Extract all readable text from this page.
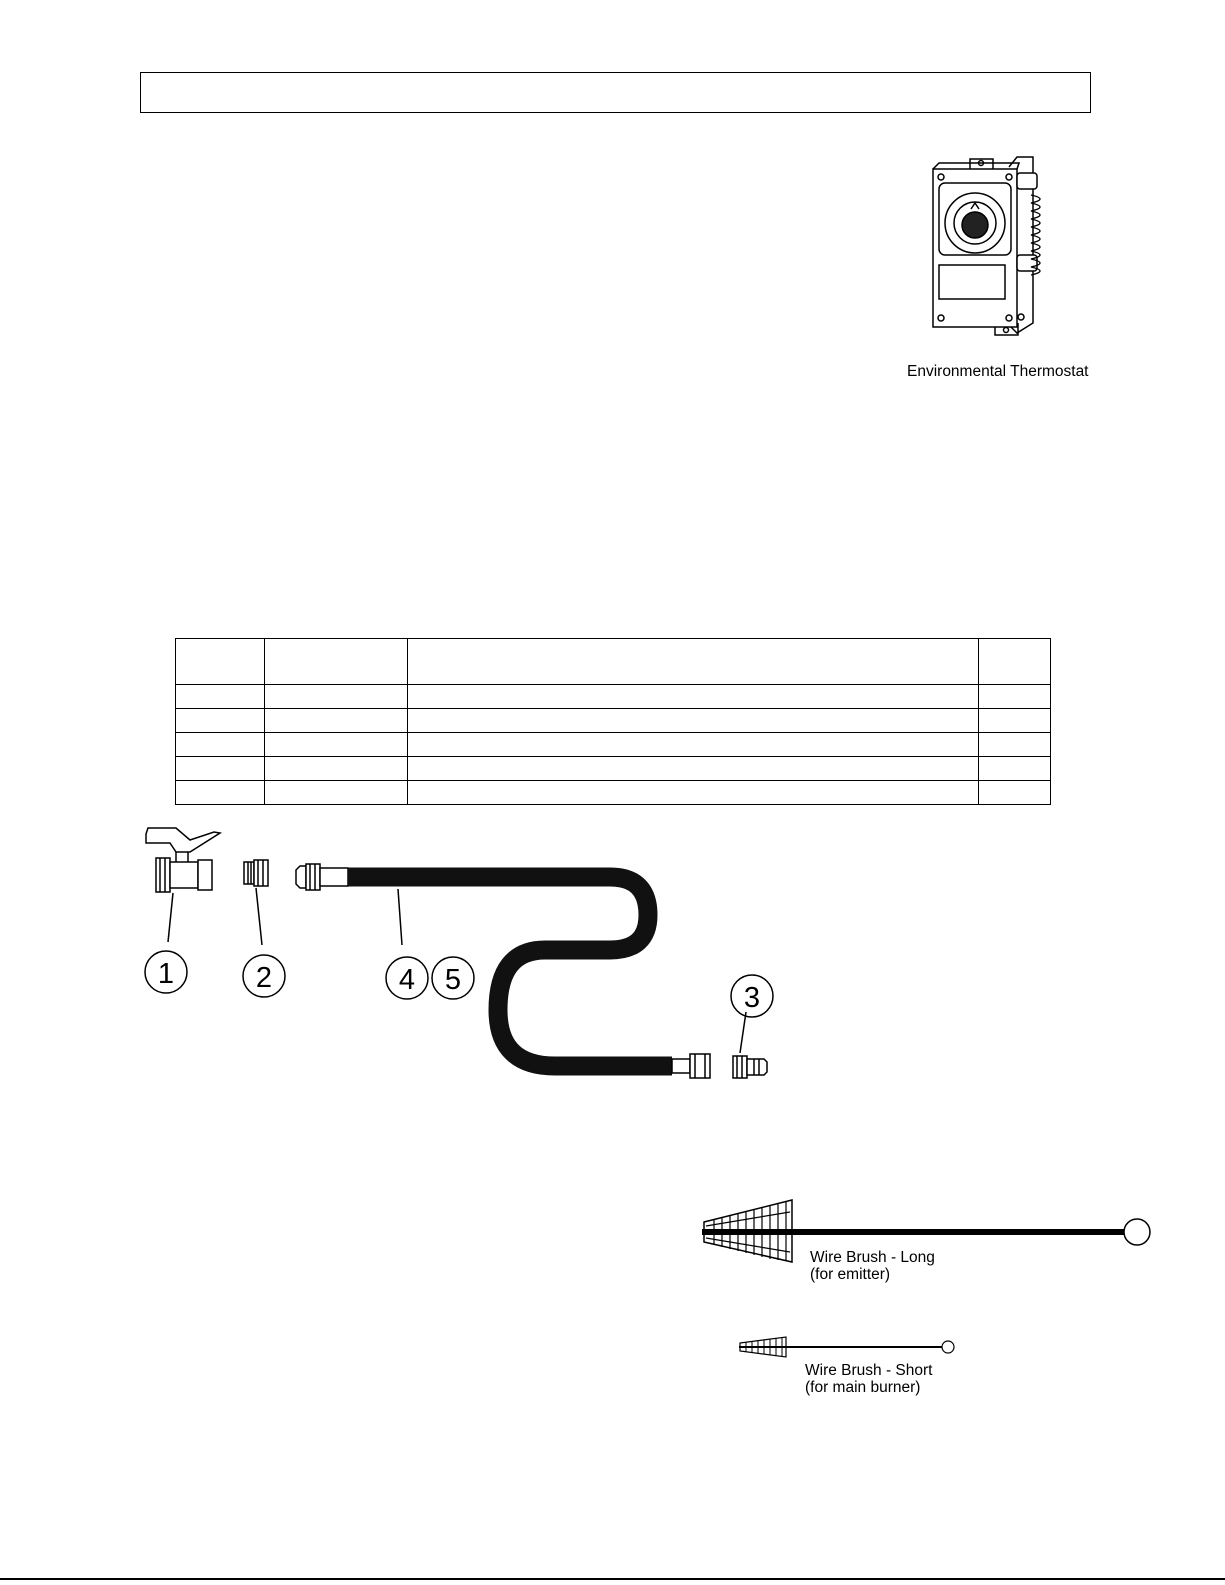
Environmental Thermostat

1	2	4 5
3
Wire Brush - Long
(for emitter)
Wire Brush - Short
(for main burner)
